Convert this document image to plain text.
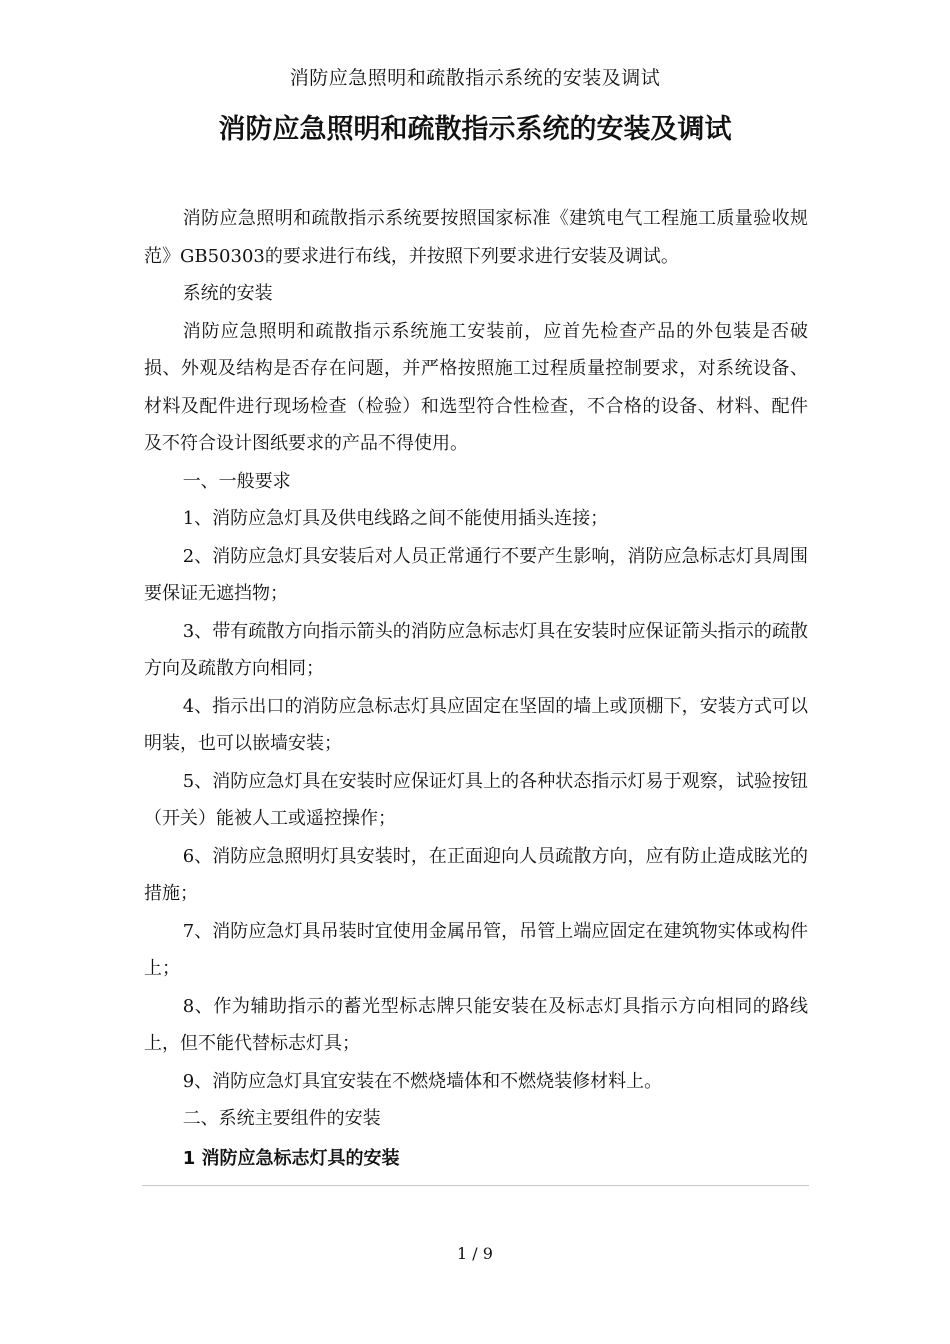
消防应急照明和疏散指示系统的安装及调试
消防应急照明和疏散指示系统的安装及调试

消防应急照明和疏散指示系统要按照国家标准《建筑电气工程施工质量验收规范》GB50303的要求进行布线，并按照下列要求进行安装及调试。

系统的安装

消防应急照明和疏散指示系统施工安装前，应首先检查产品的外包装是否破损、外观及结构是否存在问题，并严格按照施工过程质量控制要求，对系统设备、材料及配件进行现场检查（检验）和选型符合性检查，不合格的设备、材料、配件及不符合设计图纸要求的产品不得使用。

一、一般要求

1、消防应急灯具及供电线路之间不能使用插头连接；

2、消防应急灯具安装后对人员正常通行不要产生影响，消防应急标志灯具周围要保证无遮挡物；

3、带有疏散方向指示箭头的消防应急标志灯具在安装时应保证箭头指示的疏散方向及疏散方向相同；

4、指示出口的消防应急标志灯具应固定在坚固的墙上或顶棚下，安装方式可以明装，也可以嵌墙安装；

5、消防应急灯具在安装时应保证灯具上的各种状态指示灯易于观察，试验按钮（开关）能被人工或遥控操作；

6、消防应急照明灯具安装时，在正面迎向人员疏散方向，应有防止造成眩光的措施；

7、消防应急灯具吊装时宜使用金属吊管，吊管上端应固定在建筑物实体或构件上；

8、作为辅助指示的蓄光型标志牌只能安装在及标志灯具指示方向相同的路线上，但不能代替标志灯具；

9、消防应急灯具宜安装在不燃烧墙体和不燃烧装修材料上。

二、系统主要组件的安装

1 消防应急标志灯具的安装

1 / 9
